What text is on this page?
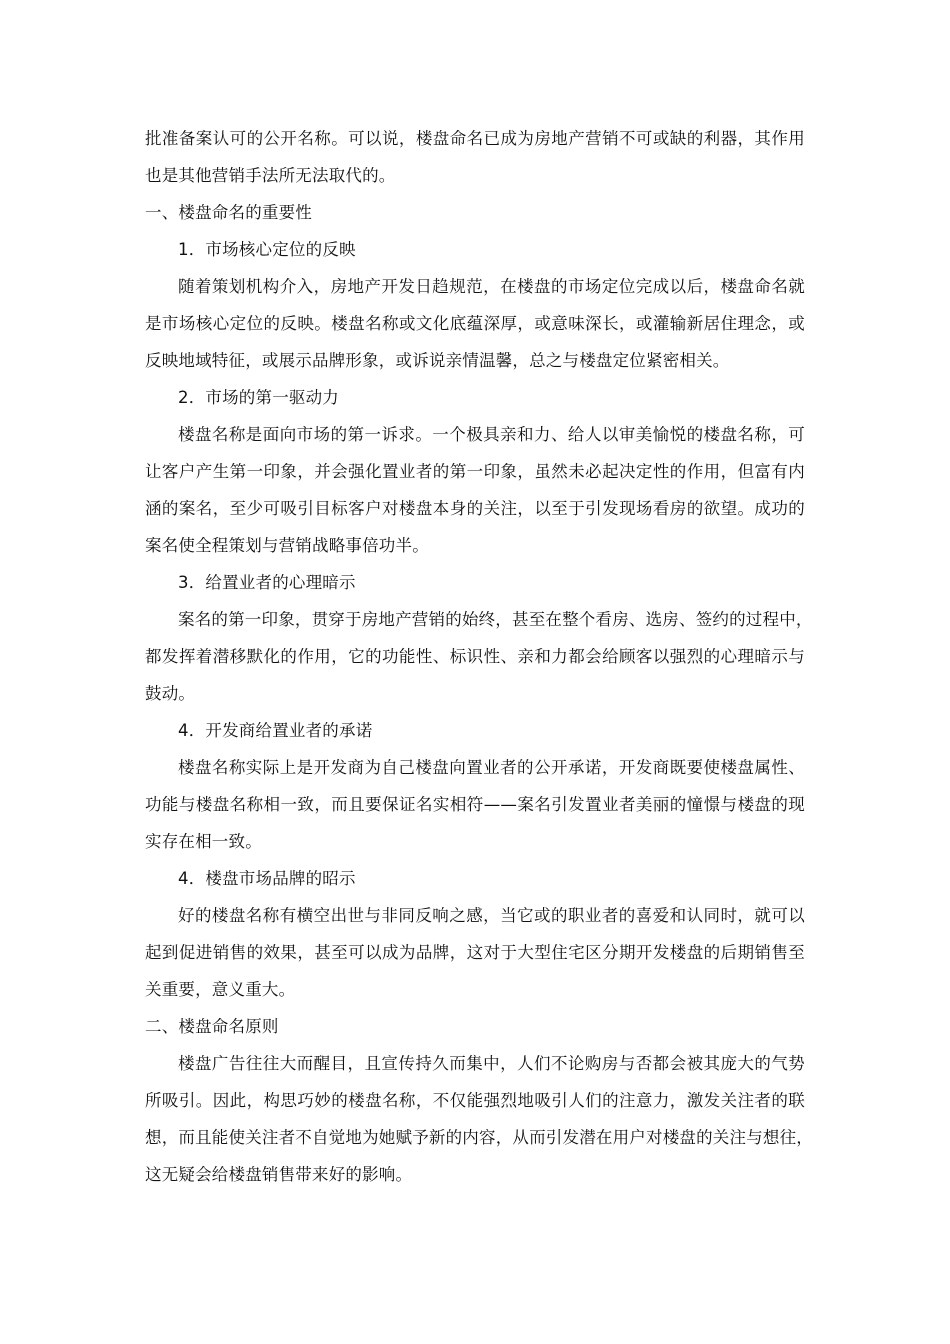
批准备案认可的公开名称。可以说，楼盘命名已成为房地产营销不可或缺的利器，其作用
也是其他营销手法所无法取代的。
一、楼盘命名的重要性
1．市场核心定位的反映
随着策划机构介入，房地产开发日趋规范，在楼盘的市场定位完成以后，楼盘命名就
是市场核心定位的反映。楼盘名称或文化底蕴深厚，或意味深长，或灌输新居住理念，或
反映地域特征，或展示品牌形象，或诉说亲情温馨，总之与楼盘定位紧密相关。
2．市场的第一驱动力
楼盘名称是面向市场的第一诉求。一个极具亲和力、给人以审美愉悦的楼盘名称，可
让客户产生第一印象，并会强化置业者的第一印象，虽然未必起决定性的作用，但富有内
涵的案名，至少可吸引目标客户对楼盘本身的关注，以至于引发现场看房的欲望。成功的
案名使全程策划与营销战略事倍功半。
3．给置业者的心理暗示
案名的第一印象，贯穿于房地产营销的始终，甚至在整个看房、选房、签约的过程中，
都发挥着潜移默化的作用，它的功能性、标识性、亲和力都会给顾客以强烈的心理暗示与
鼓动。
4．开发商给置业者的承诺
楼盘名称实际上是开发商为自己楼盘向置业者的公开承诺，开发商既要使楼盘属性、
功能与楼盘名称相一致，而且要保证名实相符——案名引发置业者美丽的憧憬与楼盘的现
实存在相一致。
4．楼盘市场品牌的昭示
好的楼盘名称有横空出世与非同反响之感，当它或的职业者的喜爱和认同时，就可以
起到促进销售的效果，甚至可以成为品牌，这对于大型住宅区分期开发楼盘的后期销售至
关重要，意义重大。
二、楼盘命名原则
楼盘广告往往大而醒目，且宣传持久而集中，人们不论购房与否都会被其庞大的气势
所吸引。因此，构思巧妙的楼盘名称，不仅能强烈地吸引人们的注意力，激发关注者的联
想，而且能使关注者不自觉地为她赋予新的内容，从而引发潜在用户对楼盘的关注与想往，
这无疑会给楼盘销售带来好的影响。
